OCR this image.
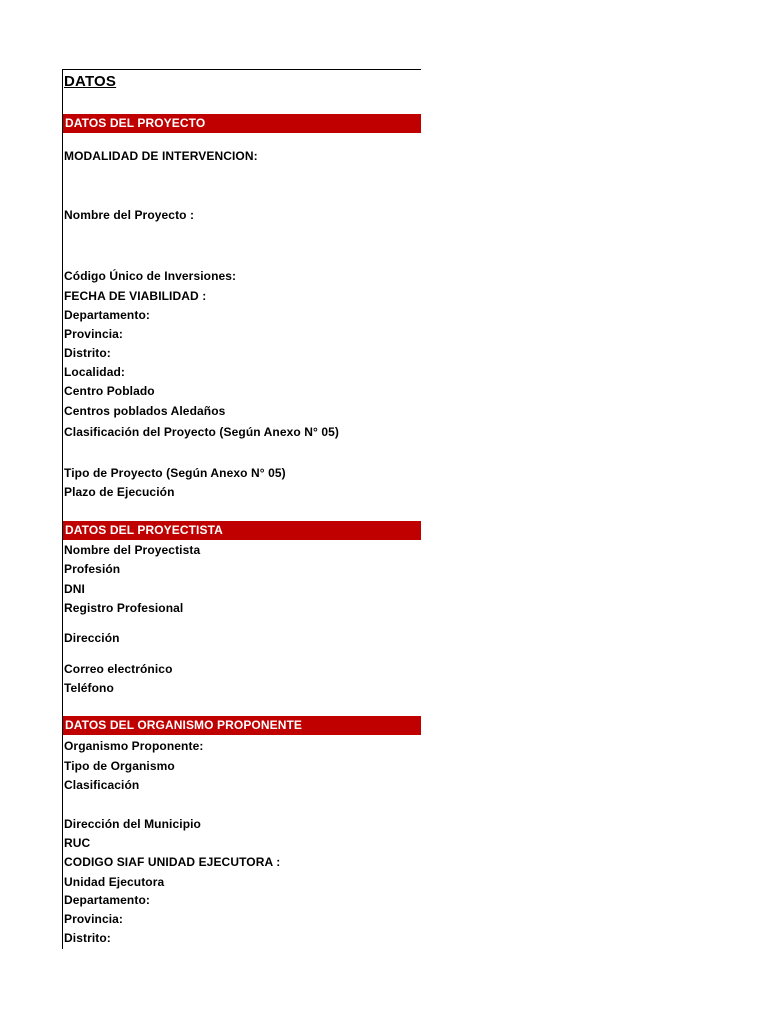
DATOS
DATOS DEL PROYECTO
MODALIDAD DE INTERVENCION:
Nombre del Proyecto :
Código Único de Inversiones:
FECHA DE VIABILIDAD :
Departamento:
Provincia:
Distrito:
Localidad:
Centro Poblado
Centros poblados Aledaños
Clasificación del Proyecto (Según Anexo N° 05)
Tipo de Proyecto (Según Anexo N° 05)
Plazo de Ejecución
DATOS DEL PROYECTISTA
Nombre del Proyectista
Profesión
DNI
Registro Profesional
Dirección
Correo electrónico
Teléfono
DATOS DEL ORGANISMO PROPONENTE
Organismo Proponente:
Tipo de Organismo
Clasificación
Dirección del Municipio
RUC
CODIGO SIAF UNIDAD EJECUTORA :
Unidad Ejecutora
Departamento:
Provincia:
Distrito:
